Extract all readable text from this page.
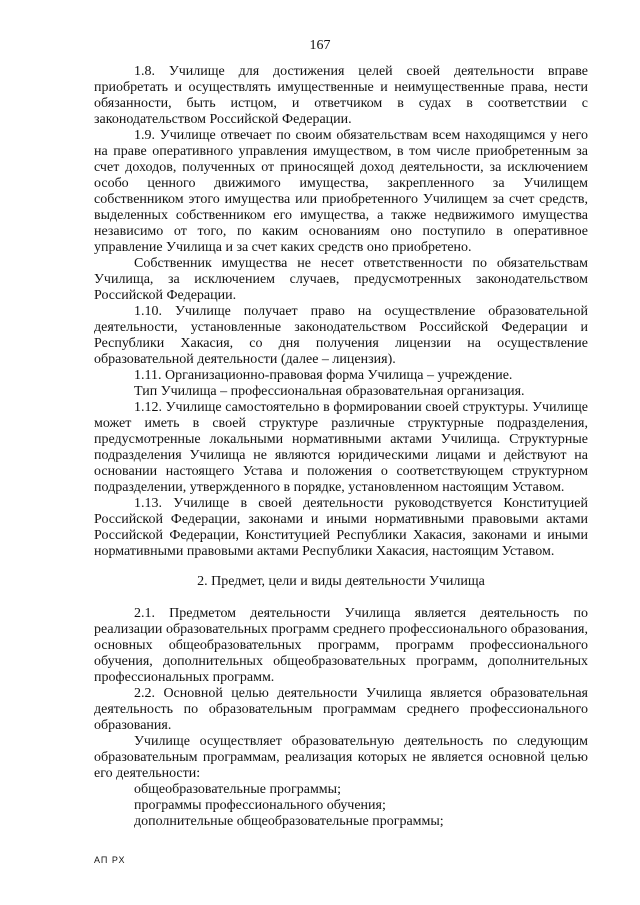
167

1.8. Училище для достижения целей своей деятельности вправе приобретать и осуществлять имущественные и неимущественные права, нести обязанности, быть истцом, и ответчиком в судах в соответствии с законодательством Российской Федерации.

1.9. Училище отвечает по своим обязательствам всем находящимся у него на праве оперативного управления имуществом, в том числе приобретенным за счет доходов, полученных от приносящей доход деятельности, за исключением особо ценного движимого имущества, закрепленного за Училищем собственником этого имущества или приобретенного Училищем за счет средств, выделенных собственником его имущества, а также недвижимого имущества независимо от того, по каким основаниям оно поступило в оперативное управление Училища и за счет каких средств оно приобретено.

Собственник имущества не несет ответственности по обязательствам Училища, за исключением случаев, предусмотренных законодательством Российской Федерации.

1.10. Училище получает право на осуществление образовательной деятельности, установленные законодательством Российской Федерации и Республики Хакасия, со дня получения лицензии на осуществление образовательной деятельности (далее – лицензия).

1.11. Организационно-правовая форма Училища – учреждение.

Тип Училища – профессиональная образовательная организация.

1.12. Училище самостоятельно в формировании своей структуры. Училище может иметь в своей структуре различные структурные подразделения, предусмотренные локальными нормативными актами Училища. Структурные подразделения Училища не являются юридическими лицами и действуют на основании настоящего Устава и положения о соответствующем структурном подразделении, утвержденного в порядке, установленном настоящим Уставом.

1.13. Училище в своей деятельности руководствуется Конституцией Российской Федерации, законами и иными нормативными правовыми актами Российской Федерации, Конституцией Республики Хакасия, законами и иными нормативными правовыми актами Республики Хакасия, настоящим Уставом.

2. Предмет, цели и виды деятельности Училища

2.1. Предметом деятельности Училища является деятельность по реализации образовательных программ среднего профессионального образования, основных общеобразовательных программ, программ профессионального обучения, дополнительных общеобразовательных программ, дополнительных профессиональных программ.

2.2. Основной целью деятельности Училища является образовательная деятельность по образовательным программам среднего профессионального образования.

Училище осуществляет образовательную деятельность по следующим образовательным программам, реализация которых не является основной целью его деятельности:

общеобразовательные программы;

программы профессионального обучения;

дополнительные общеобразовательные программы;

АП РХ
